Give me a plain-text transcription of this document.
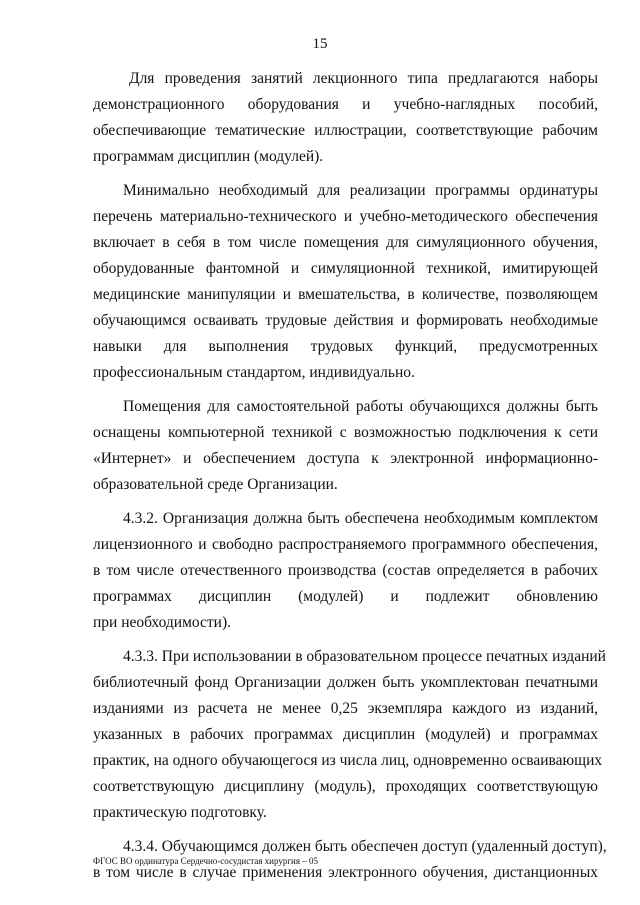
15
Для проведения занятий лекционного типа предлагаются наборы
демонстрационного оборудования и учебно-наглядных пособий,
обеспечивающие тематические иллюстрации, соответствующие рабочим
программам дисциплин (модулей).
Минимально необходимый для реализации программы ординатуры
перечень материально-технического и учебно-методического обеспечения
включает в себя в том числе помещения для симуляционного обучения,
оборудованные фантомной и симуляционной техникой, имитирующей
медицинские манипуляции и вмешательства, в количестве, позволяющем
обучающимся осваивать трудовые действия и формировать необходимые
навыки для выполнения трудовых функций, предусмотренных
профессиональным стандартом, индивидуально.
Помещения для самостоятельной работы обучающихся должны быть
оснащены компьютерной техникой с возможностью подключения к сети
«Интернет» и обеспечением доступа к электронной информационно-
образовательной среде Организации.
4.3.2. Организация должна быть обеспечена необходимым комплектом
лицензионного и свободно распространяемого программного обеспечения,
в том числе отечественного производства (состав определяется в рабочих
программах дисциплин (модулей) и подлежит обновлению
при необходимости).
4.3.3. При использовании в образовательном процессе печатных изданий
библиотечный фонд Организации должен быть укомплектован печатными
изданиями из расчета не менее 0,25 экземпляра каждого из изданий,
указанных в рабочих программах дисциплин (модулей) и программах
практик, на одного обучающегося из числа лиц, одновременно осваивающих
соответствующую дисциплину (модуль), проходящих соответствующую
практическую подготовку.
4.3.4. Обучающимся должен быть обеспечен доступ (удаленный доступ),
в том числе в случае применения электронного обучения, дистанционных
ФГОС ВО ординатура Сердечно-сосудистая хирургия – 05
